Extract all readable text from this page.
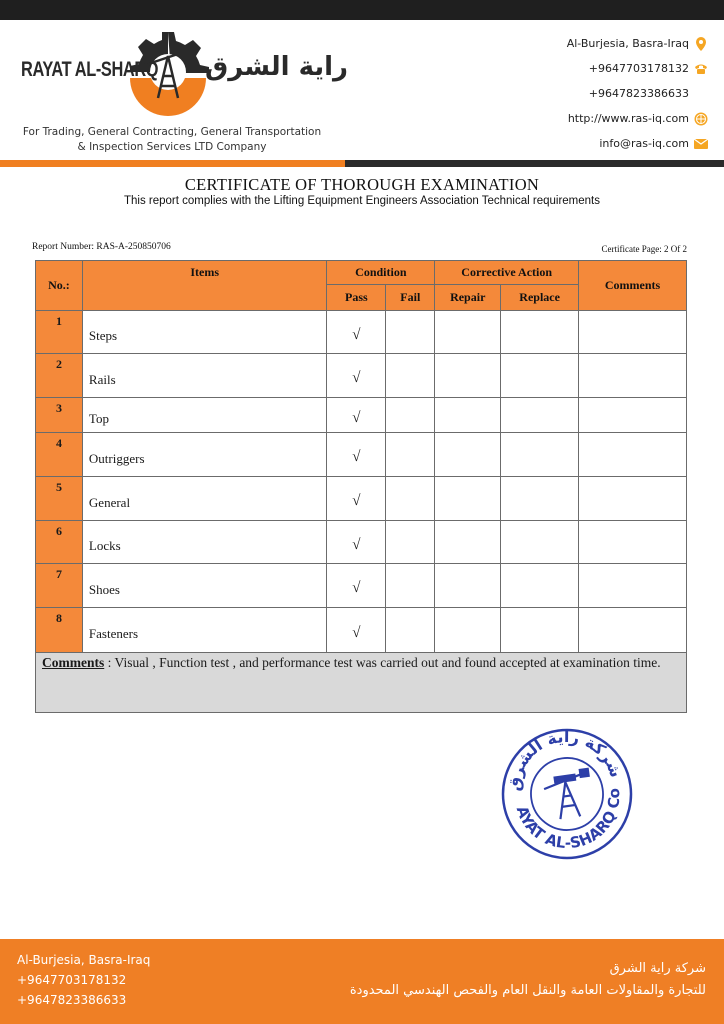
RAYAT AL-SHARQ راية الشرق
For Trading, General Contracting, General Transportation
& Inspection Services LTD Company
Al-Burjesia, Basra-Iraq
+9647703178132
+9647823386633
http://www.ras-iq.com
info@ras-iq.com
CERTIFICATE OF THOROUGH EXAMINATION
This report complies with the Lifting Equipment Engineers Association Technical requirements
Report Number: RAS-A-250850706	Certificate Page: 2 Of 2
No.:	Items	Condition		Corrective Action		Comments
		Pass	Fail	Repair	Replace	
1	Steps	√				
2	Rails	√				
3	Top	√				
4	Outriggers	√				
5	General	√				
6	Locks	√				
7	Shoes	√				
8	Fasteners	√				
Comments : Visual , Function test , and performance test was carried out and found accepted at examination time.						
RAYAT AL-SHARQ Co.
شركة راية الشرق
Al-Burjesia, Basra-Iraq
+9647703178132
+9647823386633
شركة راية الشرق
للتجارة والمقاولات العامة والنقل العام والفحص الهندسي المحدودة
